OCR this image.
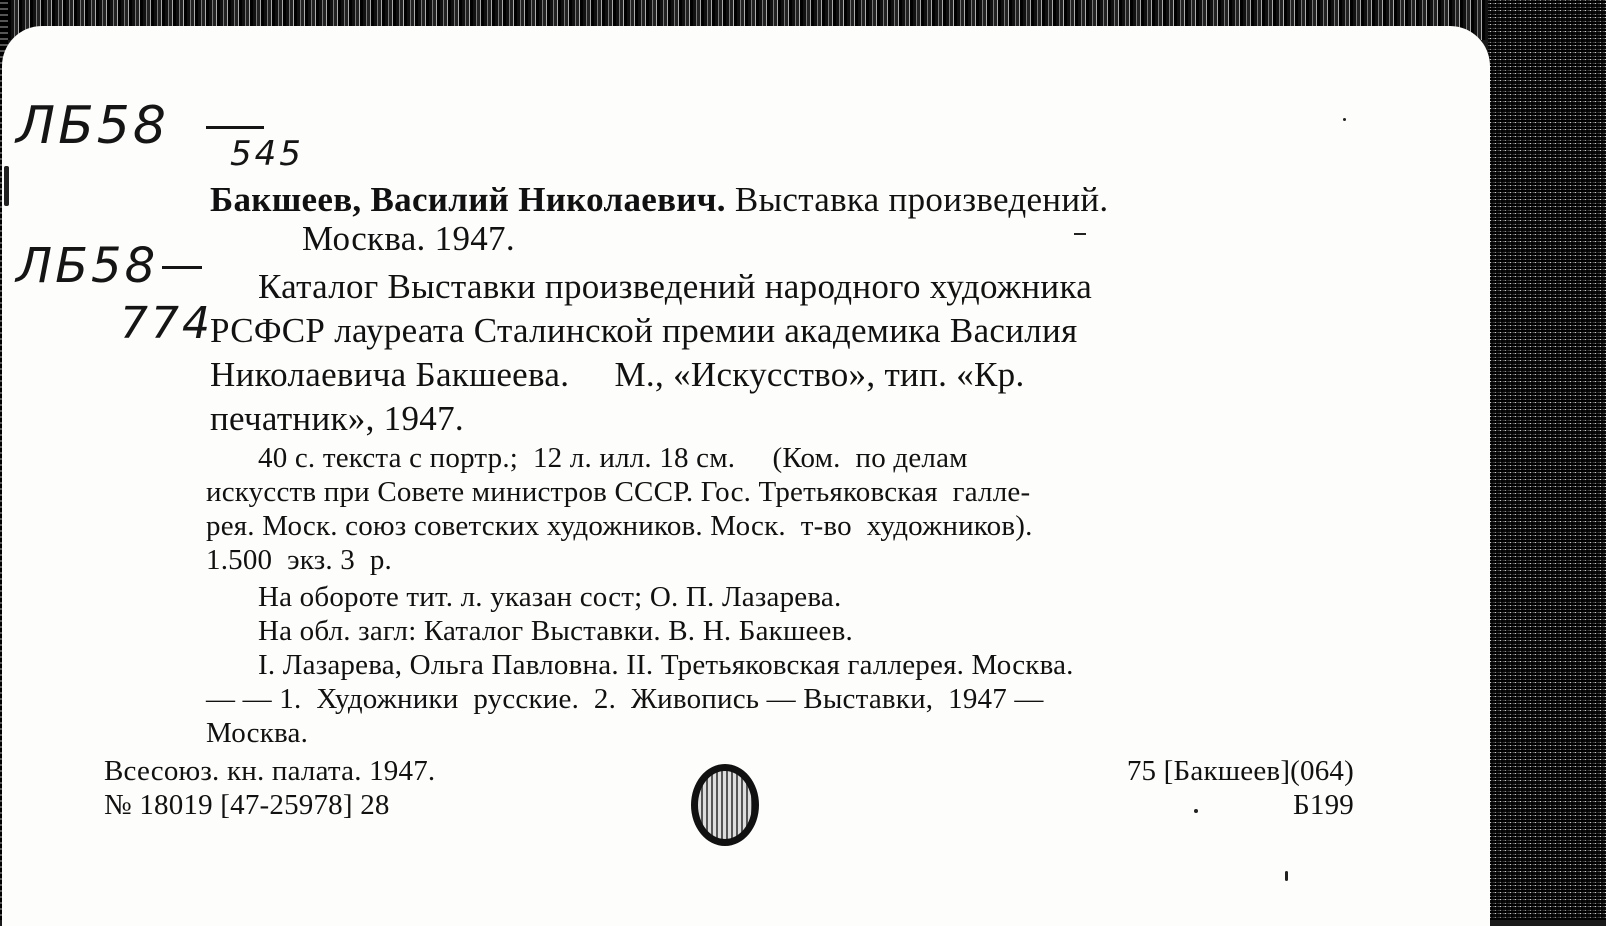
ЛБ58 545

ЛБ58

774

Бакшеев, Василий Николаевич. Выставка произведений.

Москва. 1947.

Каталог Выставки произведений народного художника

РСФСР лауреата Сталинской премии академика Василия

Николаевича Бакшеева.     М., «Искусство», тип. «Кр.

печатник», 1947.

40 с. текста с портр.;  12 л. илл. 18 см.     (Ком.  по делам

искусств при Совете министров СССР. Гос. Третьяковская  галле-

рея. Моск. союз советских художников. Моск.  т-во  художников).

1.500  экз. 3  р.

На обороте тит. л. указан сост; О. П. Лазарева.

На обл. загл: Каталог Выставки. В. Н. Бакшеев.

I. Лазарева, Ольга Павловна. II. Третьяковская галлерея. Москва.

— — 1.  Художники  русские.  2.  Живопись — Выставки,  1947 —

Москва.

Всесоюз. кн. палата. 1947.

№ 18019 [47-25978] 28

75 [Бакшеев](064)

Б199
